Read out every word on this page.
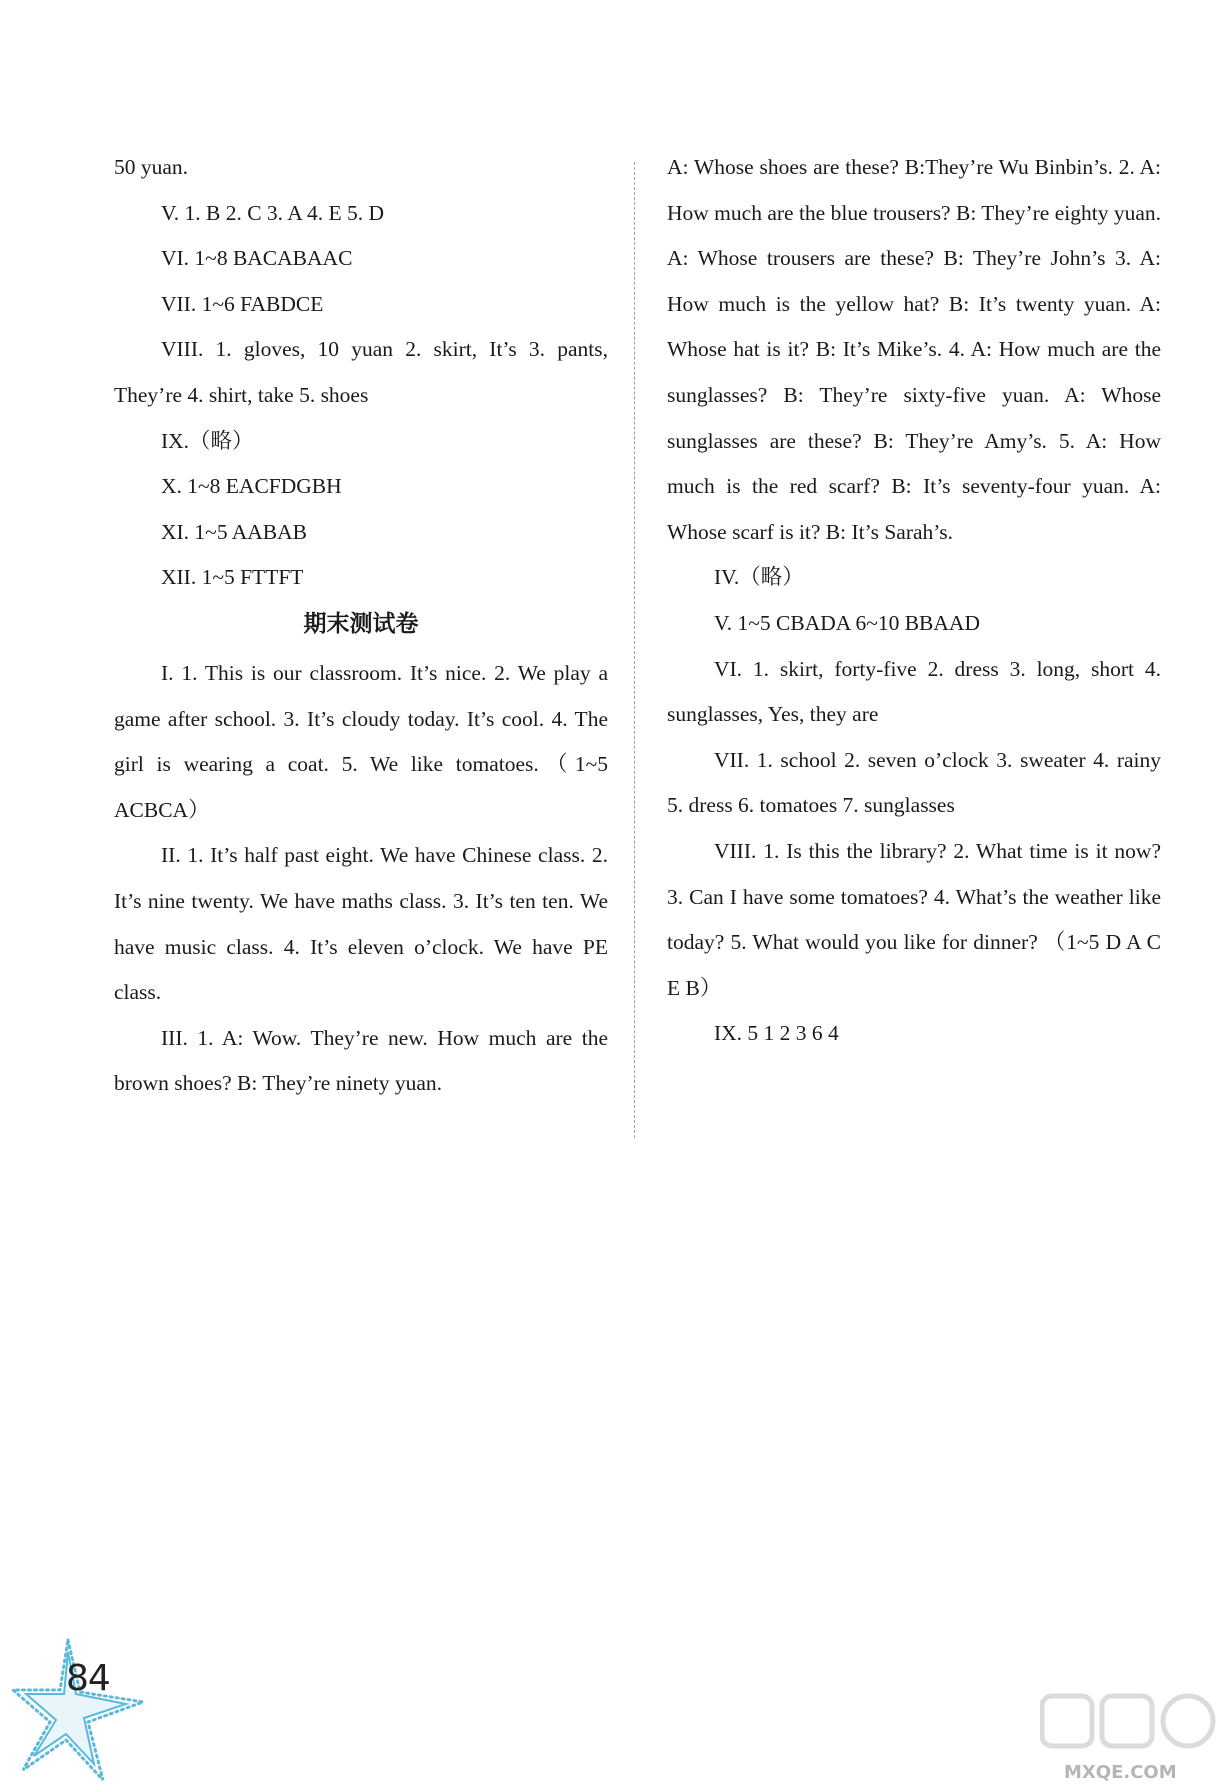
50 yuan.

V. 1. B 2. C 3. A 4. E 5. D

VI. 1~8 BACABAAC

VII. 1~6 FABDCE

VIII. 1. gloves, 10 yuan 2. skirt, It’s 3. pants, They’re 4. shirt, take 5. shoes

IX.（略）

X. 1~8 EACFDGBH

XI. 1~5 AABAB

XII. 1~5 FTTFT

期末测试卷

I. 1. This is our classroom. It’s nice. 2. We play a game after school. 3. It’s cloudy today. It’s cool. 4. The girl is wearing a coat. 5. We like tomatoes.（1~5 ACBCA）

II. 1. It’s half past eight. We have Chinese class. 2. It’s nine twenty. We have maths class. 3. It’s ten ten. We have music class. 4. It’s eleven o’clock. We have PE class.

III. 1. A: Wow. They’re new. How much are the brown shoes? B: They’re ninety yuan.

A: Whose shoes are these? B:They’re Wu Binbin’s. 2. A: How much are the blue trousers? B: They’re eighty yuan. A: Whose trousers are these? B: They’re John’s 3. A: How much is the yellow hat? B: It’s twenty yuan. A: Whose hat is it? B: It’s Mike’s. 4. A: How much are the sunglasses? B: They’re sixty-five yuan. A: Whose sunglasses are these? B: They’re Amy’s. 5. A: How much is the red scarf? B: It’s seventy-four yuan. A: Whose scarf is it? B: It’s Sarah’s.

IV.（略）

V. 1~5 CBADA 6~10 BBAAD

VI. 1. skirt, forty-five 2. dress 3. long, short 4. sunglasses, Yes, they are

VII. 1. school 2. seven o’clock 3. sweater 4. rainy 5. dress 6. tomatoes 7. sunglasses

VIII. 1. Is this the library? 2. What time is it now? 3. Can I have some tomatoes? 4. What’s the weather like today? 5. What would you like for dinner? （1~5 D A C E B）

IX. 5 1 2 3 6 4

84
MXQE.COM
